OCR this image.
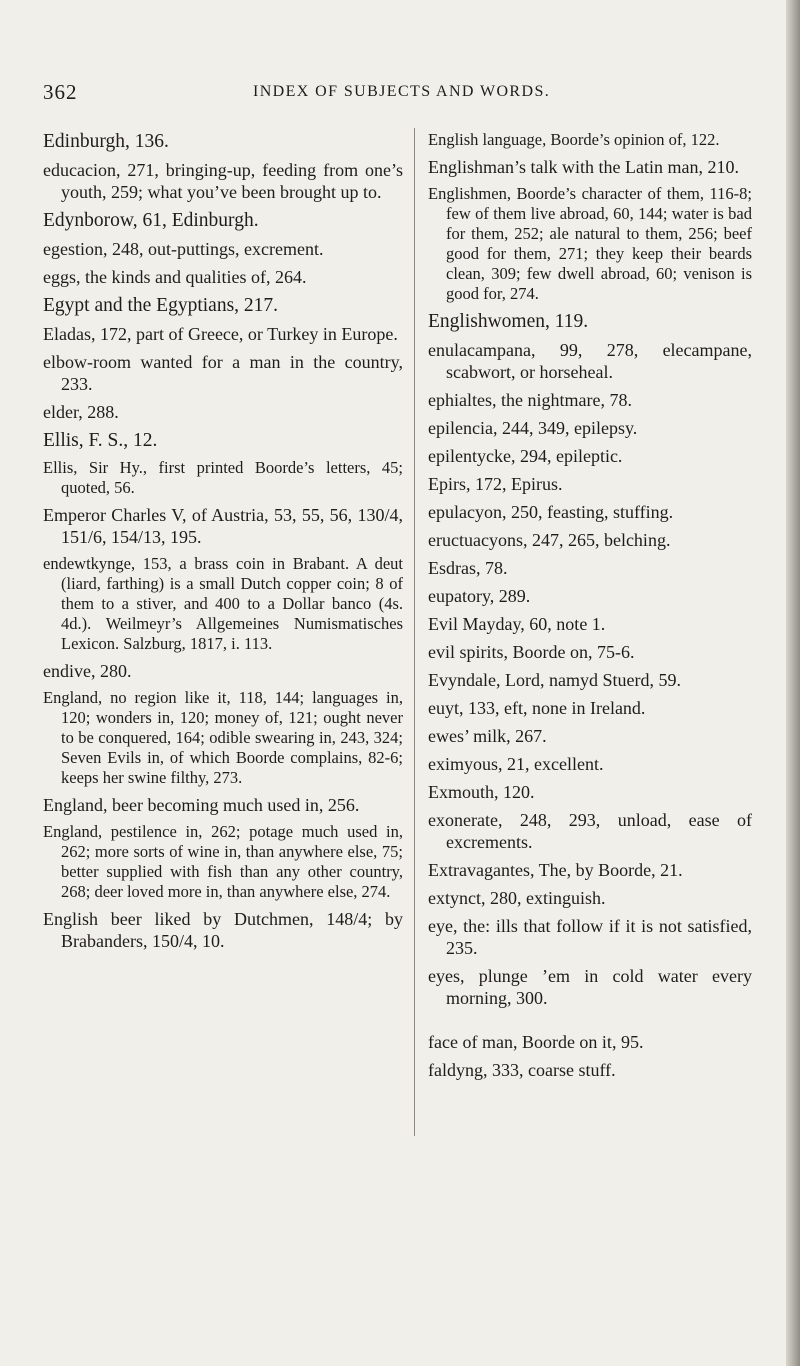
362	INDEX OF SUBJECTS AND WORDS.

Edinburgh, 136.

educacion, 271, bringing-up, feeding from one’s youth, 259; what you’ve been brought up to.

Edynborow, 61, Edinburgh.

egestion, 248, out-puttings, excrement.

eggs, the kinds and qualities of, 264.

Egypt and the Egyptians, 217.

Eladas, 172, part of Greece, or Turkey in Europe.

elbow-room wanted for a man in the country, 233.

elder, 288.

Ellis, F. S., 12.

Ellis, Sir Hy., first printed Boorde’s letters, 45; quoted, 56.

Emperor Charles V, of Austria, 53, 55, 56, 130/4, 151/6, 154/13, 195.

endewtkynge, 153, a brass coin in Brabant. A deut (liard, farthing) is a small Dutch copper coin; 8 of them to a stiver, and 400 to a Dollar banco (4s. 4d.). Weilmeyr’s Allgemeines Numismatisches Lexicon. Salzburg, 1817, i. 113.

endive, 280.

England, no region like it, 118, 144; languages in, 120; wonders in, 120; money of, 121; ought never to be conquered, 164; odible swearing in, 243, 324; Seven Evils in, of which Boorde complains, 82-6; keeps her swine filthy, 273.

England, beer becoming much used in, 256.

England, pestilence in, 262; potage much used in, 262; more sorts of wine in, than anywhere else, 75; better supplied with fish than any other country, 268; deer loved more in, than anywhere else, 274.

English beer liked by Dutchmen, 148/4; by Brabanders, 150/4, 10.

English language, Boorde’s opinion of, 122.

Englishman’s talk with the Latin man, 210.

Englishmen, Boorde’s character of them, 116-8; few of them live abroad, 60, 144; water is bad for them, 252; ale natural to them, 256; beef good for them, 271; they keep their beards clean, 309; few dwell abroad, 60; venison is good for, 274.

Englishwomen, 119.

enulacampana, 99, 278, elecampane, scabwort, or horseheal.

ephialtes, the nightmare, 78.

epilencia, 244, 349, epilepsy.

epilentycke, 294, epileptic.

Epirs, 172, Epirus.

epulacyon, 250, feasting, stuffing.

eructuacyons, 247, 265, belching.

Esdras, 78.

eupatory, 289.

Evil Mayday, 60, note 1.

evil spirits, Boorde on, 75-6.

Evyndale, Lord, namyd Stuerd, 59.

euyt, 133, eft, none in Ireland.

ewes’ milk, 267.

eximyous, 21, excellent.

Exmouth, 120.

exonerate, 248, 293, unload, ease of excrements.

Extravagantes, The, by Boorde, 21.

extynct, 280, extinguish.

eye, the: ills that follow if it is not satisfied, 235.

eyes, plunge ’em in cold water every morning, 300.

face of man, Boorde on it, 95.

faldyng, 333, coarse stuff.
